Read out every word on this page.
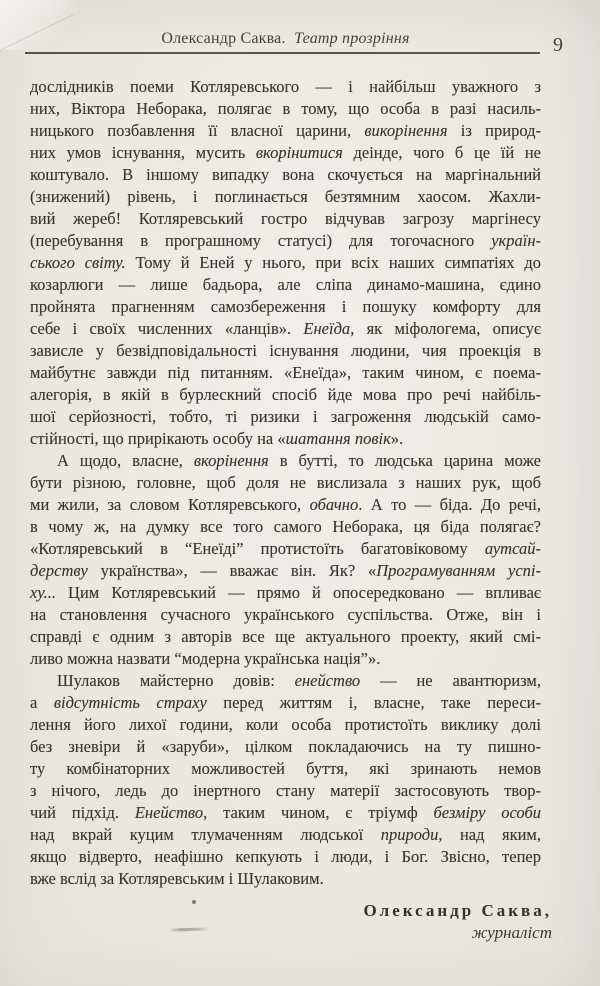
Олександр Саква. Театр прозріння	9
дослідників поеми Котляревського — і найбільш уважного з
них, Віктора Неборака, полягає в тому, що особа в разі насиль-
ницького позбавлення її власної царини, викорінення із природ-
них умов існування, мусить вкорінитися деінде, чого б це їй не
коштувало. В іншому випадку вона скочується на маргінальний
(знижений) рівень, і поглинається безтямним хаосом. Жахли-
вий жереб! Котляревський гостро відчував загрозу маргінесу
(перебування в програшному статусі) для тогочасного україн-
ського світу. Тому й Еней у нього, при всіх наших симпатіях до
козарлюги — лише бадьора, але сліпа динамо-машина, єдино
пройнята прагненням самозбереження і пошуку комфорту для
себе і своїх численних «ланців». Енеїда, як міфологема, описує
зависле у безвідповідальності існування людини, чия проекція в
майбутнє завжди під питанням. «Енеїда», таким чином, є поема-
алегорія, в якій в бурлескний спосіб йде мова про речі найбіль-
шої серйозності, тобто, ті ризики і загроження людській само-
стійності, що прирікають особу на «шатання повік».
А щодо, власне, вкорінення в бутті, то людська царина може
бути різною, головне, щоб доля не вислизала з наших рук, щоб
ми жили, за словом Котляревського, обачно. А то — біда. До речі,
в чому ж, на думку все того самого Неборака, ця біда полягає?
«Котляревський в “Енеїді” протистоїть багатовіковому аутсай-
дерству українства», — вважає він. Як? «Програмуванням успі-
ху... Цим Котляревський — прямо й опосередковано — впливає
на становлення сучасного українського суспільства. Отже, він і
справді є одним з авторів все ще актуального проекту, який смі-
ливо можна назвати “модерна українська нація”».
Шулаков майстерно довів: енейство — не авантюризм,
а відсутність страху перед життям і, власне, таке переси-
лення його лихої години, коли особа протистоїть виклику долі
без зневіри й «заруби», цілком покладаючись на ту пишно-
ту комбінаторних можливостей буття, які зринають немов
з нічого, ледь до інертного стану матерії застосовують твор-
чий підхід. Енейство, таким чином, є тріумф безміру особи
над вкрай куцим тлумаченням людської природи, над яким,
якщо відверто, неафішно кепкують і люди, і Бог. Звісно, тепер
вже вслід за Котляревським і Шулаковим.
Олександр Саква,
журналіст
